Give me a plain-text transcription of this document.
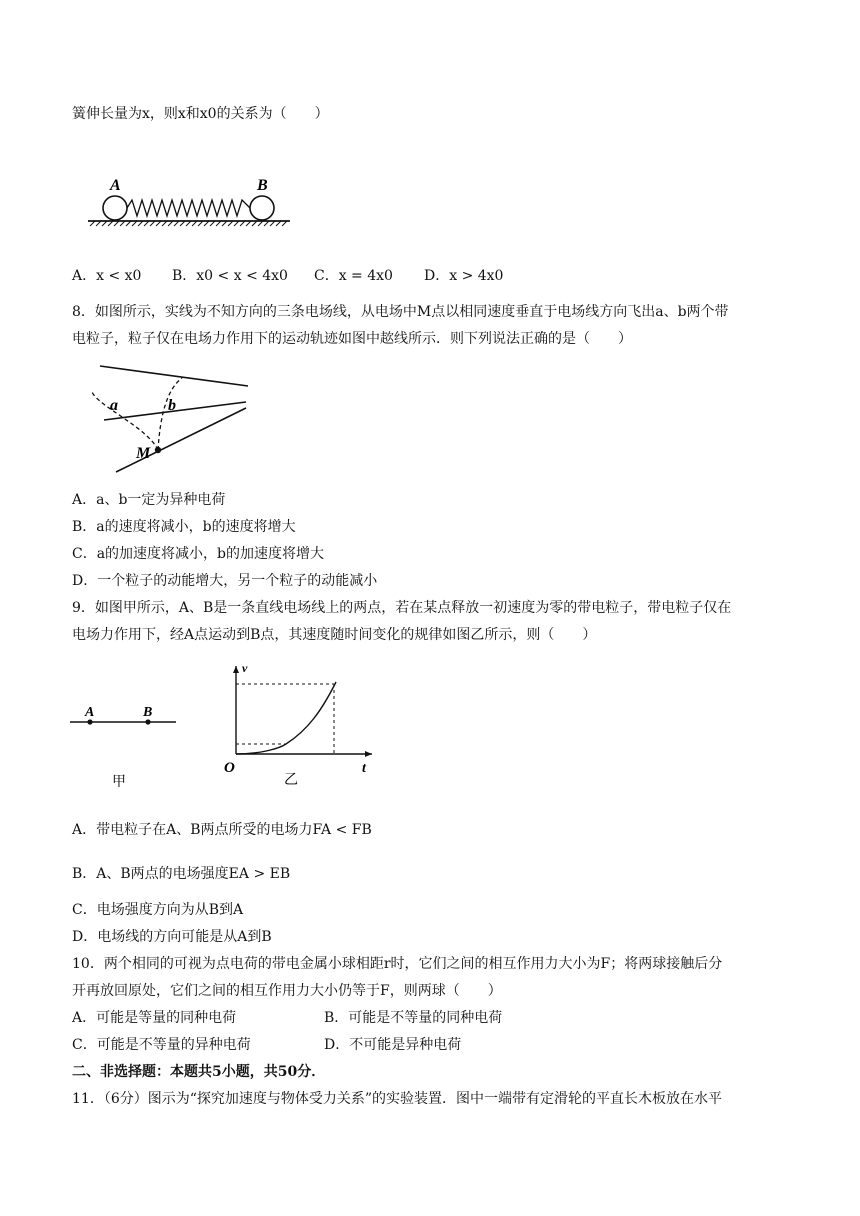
簧伸长量为x，则x和x0的关系为（　　）
A	B
A．x < x0 B．x0 < x < 4x0 C．x = 4x0 D．x > 4x0
8．如图所示，实线为不知方向的三条电场线，从电场中M点以相同速度垂直于电场线方向飞出a、b两个带
电粒子，粒子仅在电场力作用下的运动轨迹如图中趑线所示．则下列说法正确的是（　　）
a	b
M
A．a、b一定为异种电荷
B．a的速度将减小，b的速度将增大
C．a的加速度将减小，b的加速度将增大
D．一个粒子的动能增大，另一个粒子的动能减小
9．如图甲所示，A、B是一条直线电场线上的两点，若在某点释放一初速度为零的带电粒子，带电粒子仅在
电场力作用下，经A点运动到B点，其速度随时间变化的规律如图乙所示，则（　　）
A	B
甲
v
O	t
乙
A．带电粒子在A、B两点所受的电场力FA < FB
B．A、B两点的电场强度EA > EB
C．电场强度方向为从B到A
D．电场线的方向可能是从A到B
10．两个相同的可视为点电荷的带电金属小球相距r时，它们之间的相互作用力大小为F；将两球接触后分
开再放回原处，它们之间的相互作用力大小仍等于F，则两球（　　）
A．可能是等量的同种电荷	B．可能是不等量的同种电荷
C．可能是不等量的异种电荷	D．不可能是异种电荷
二、非选择题：本题共5小题，共50分．
11．（6分）图示为“探究加速度与物体受力关系”的实验装置．图中一端带有定滑轮的平直长木板放在水平
